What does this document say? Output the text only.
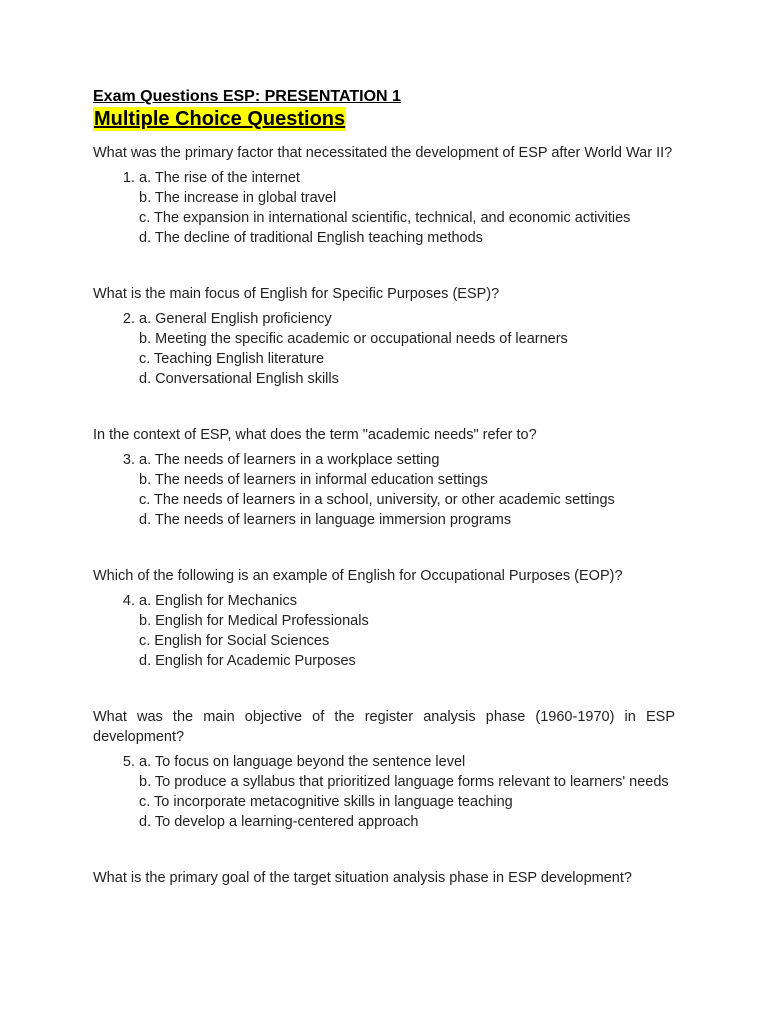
Exam Questions ESP: PRESENTATION 1

Multiple Choice Questions

What was the primary factor that necessitated the development of ESP after World War II?

1. a. The rise of the internet
b. The increase in global travel
c. The expansion in international scientific, technical, and economic activities
d. The decline of traditional English teaching methods

What is the main focus of English for Specific Purposes (ESP)?

2. a. General English proficiency
b. Meeting the specific academic or occupational needs of learners
c. Teaching English literature
d. Conversational English skills

In the context of ESP, what does the term "academic needs" refer to?

3. a. The needs of learners in a workplace setting
b. The needs of learners in informal education settings
c. The needs of learners in a school, university, or other academic settings
d. The needs of learners in language immersion programs

Which of the following is an example of English for Occupational Purposes (EOP)?

4. a. English for Mechanics
b. English for Medical Professionals
c. English for Social Sciences
d. English for Academic Purposes

What was the main objective of the register analysis phase (1960-1970) in ESP development?

5. a. To focus on language beyond the sentence level
b. To produce a syllabus that prioritized language forms relevant to learners' needs
c. To incorporate metacognitive skills in language teaching
d. To develop a learning-centered approach

What is the primary goal of the target situation analysis phase in ESP development?
